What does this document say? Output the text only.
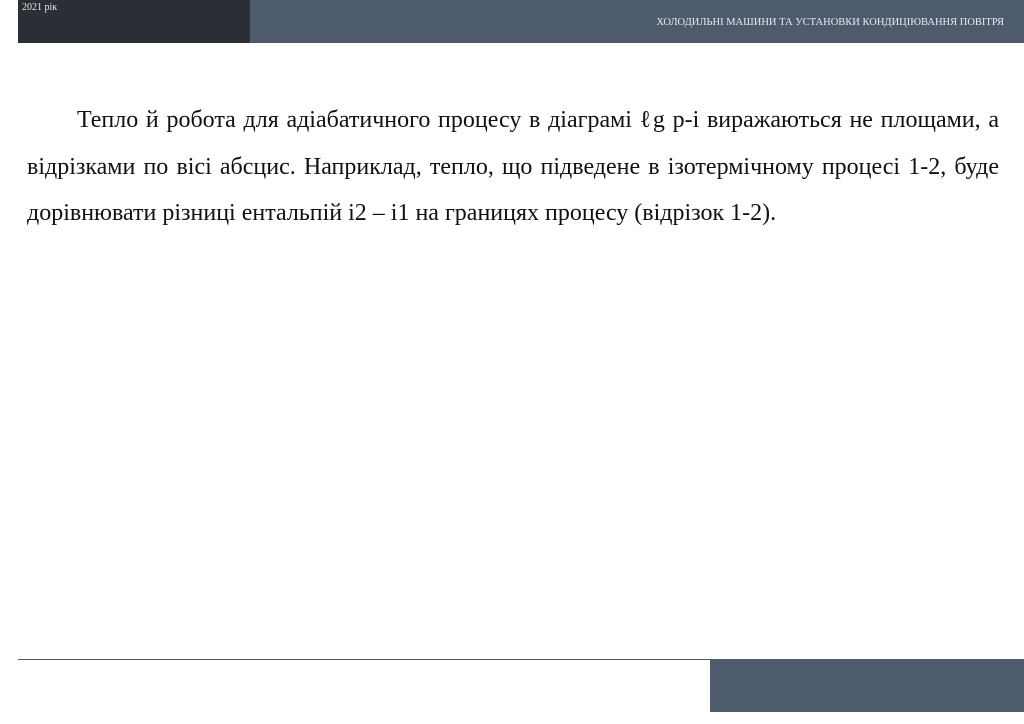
2021 рік
ХОЛОДИЛЬНІ МАШИНИ ТА УСТАНОВКИ КОНДИЦІЮВАННЯ ПОВІТРЯ

Тепло й робота для адіабатичного процесу в діаграмі ℓg p-i виражаються не площами, а відрізками по вісі абсцис. Наприклад, тепло, що підведене в ізотермічному процесі 1-2, буде дорівнювати різниці ентальпій і2 – і1 на границях процесу (відрізок 1-2).
